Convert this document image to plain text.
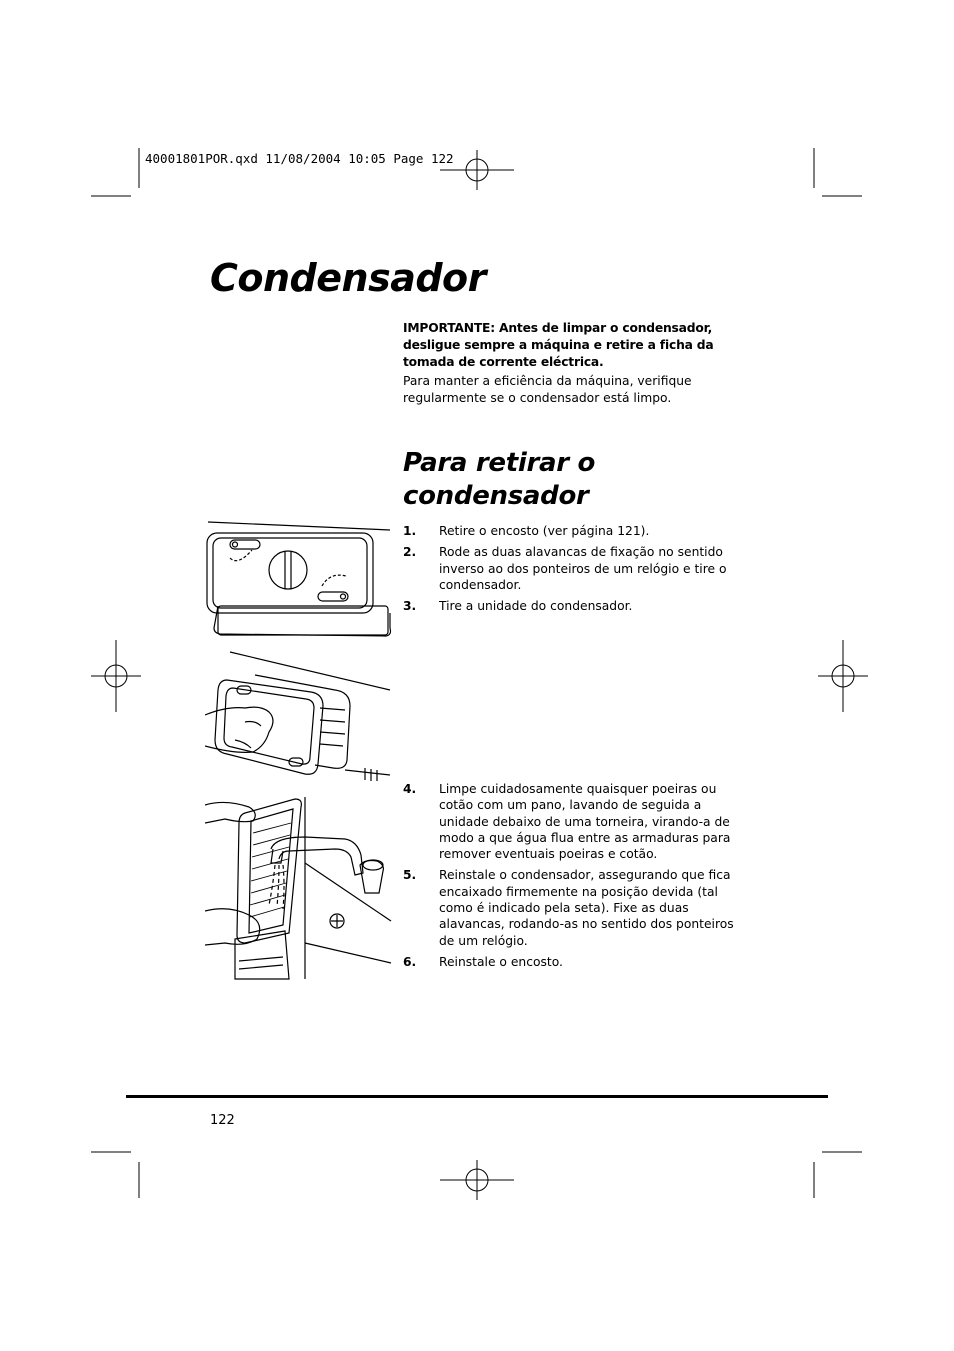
40001801POR.qxd 11/08/2004 10:05 Page 122
Condensador
IMPORTANTE: Antes de limpar o condensador, desligue sempre a máquina e retire a ficha da tomada de corrente eléctrica.
Para manter a eficiência da máquina, verifique regularmente se o condensador está limpo.
Para retirar o condensador
1. Retire o encosto (ver página 121).
2. Rode as duas alavancas de fixação no sentido inverso ao dos ponteiros de um relógio e tire o condensador.
3. Tire a unidade do condensador.
4. Limpe cuidadosamente quaisquer poeiras ou cotão com um pano, lavando de seguida a unidade debaixo de uma torneira, virando-a de modo a que água flua entre as armaduras para remover eventuais poeiras e cotão.
5. Reinstale o condensador, assegurando que fica encaixado firmemente na posição devida (tal como é indicado pela seta). Fixe as duas alavancas, rodando-as no sentido dos ponteiros de um relógio.
6. Reinstale o encosto.
122
